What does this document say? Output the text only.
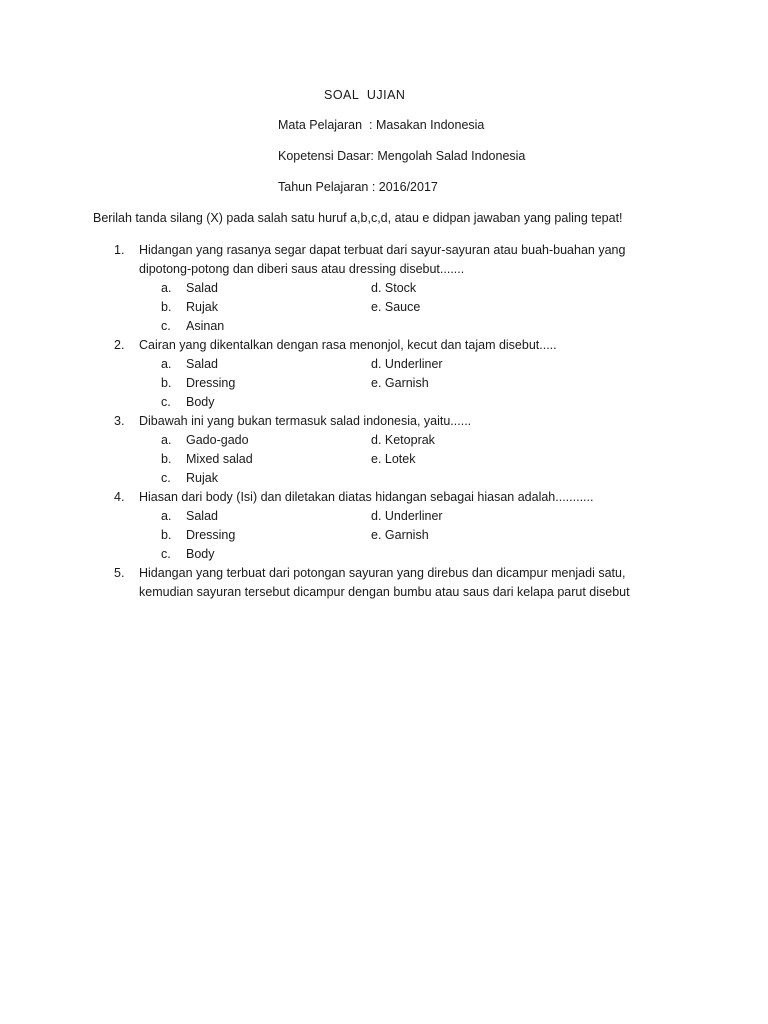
SOAL  UJIAN
Mata Pelajaran  : Masakan Indonesia
Kopetensi Dasar: Mengolah Salad Indonesia
Tahun Pelajaran : 2016/2017
Berilah tanda silang (X) pada salah satu huruf a,b,c,d, atau e didpan jawaban yang paling tepat!
1.	Hidangan yang rasanya segar dapat terbuat dari sayur-sayuran atau buah-buahan yang
dipotong-potong dan diberi saus atau dressing disebut.......
a. Salad	d. Stock
b. Rujak	e. Sauce
c. Asinan
2.	Cairan yang dikentalkan dengan rasa menonjol, kecut dan tajam disebut.....
a. Salad	d. Underliner
b. Dressing	e. Garnish
c. Body
3.	Dibawah ini yang bukan termasuk salad indonesia, yaitu......
a. Gado-gado	d. Ketoprak
b. Mixed salad	e. Lotek
c. Rujak
4.	Hiasan dari body (Isi) dan diletakan diatas hidangan sebagai hiasan adalah...........
a. Salad	d. Underliner
b. Dressing	e. Garnish
c. Body
5.	Hidangan yang terbuat dari potongan sayuran yang direbus dan dicampur menjadi satu,
kemudian sayuran tersebut dicampur dengan bumbu atau saus dari kelapa parut disebut
